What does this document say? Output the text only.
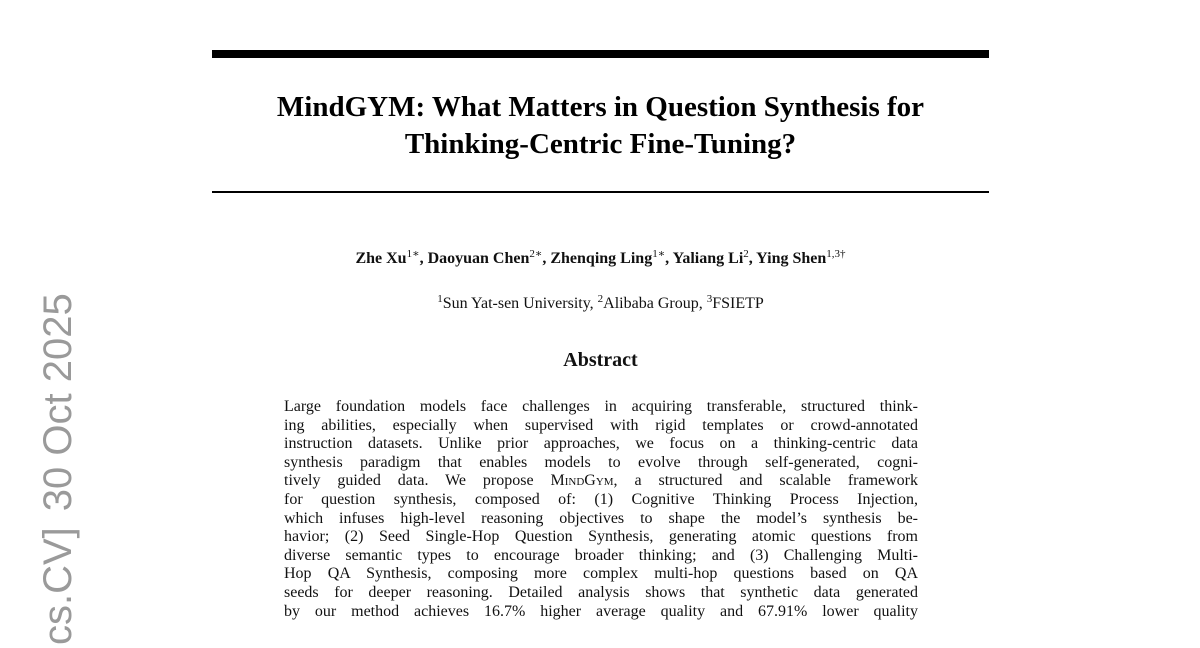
MindGYM: What Matters in Question Synthesis for
Thinking-Centric Fine-Tuning?

Zhe $Xu^{1∗}$, Daoyuan Chen$^{2∗}$, Zhenqing Ling$^{1∗}$, Yaliang Li$^2$, Ying Shen$^{1,3\dagger}$

$^1$Sun Yat-sen University, $^2$Alibaba Group, $^3$FSIETP

Abstract
Large foundation models face challenges in acquiring transferable, structured think-
ing abilities, especially when supervised with rigid templates or crowd-annotated
instruction datasets. Unlike prior approaches, we focus on a thinking-centric data
synthesis paradigm that enables models to evolve through self-generated, cogni-
tively guided data. We propose MindGym, a structured and scalable framework
for question synthesis, composed of: (1) Cognitive Thinking Process Injection,
which infuses high-level reasoning objectives to shape the model’s synthesis be-
havior; (2) Seed Single-Hop Question Synthesis, generating atomic questions from
diverse semantic types to encourage broader thinking; and (3) Challenging Multi-
Hop QA Synthesis, composing more complex multi-hop questions based on QA
seeds for deeper reasoning. Detailed analysis shows that synthetic data generated
by our method achieves 16.7% higher average quality and 67.91% lower quality
cs.CV]30 Oct 2025
